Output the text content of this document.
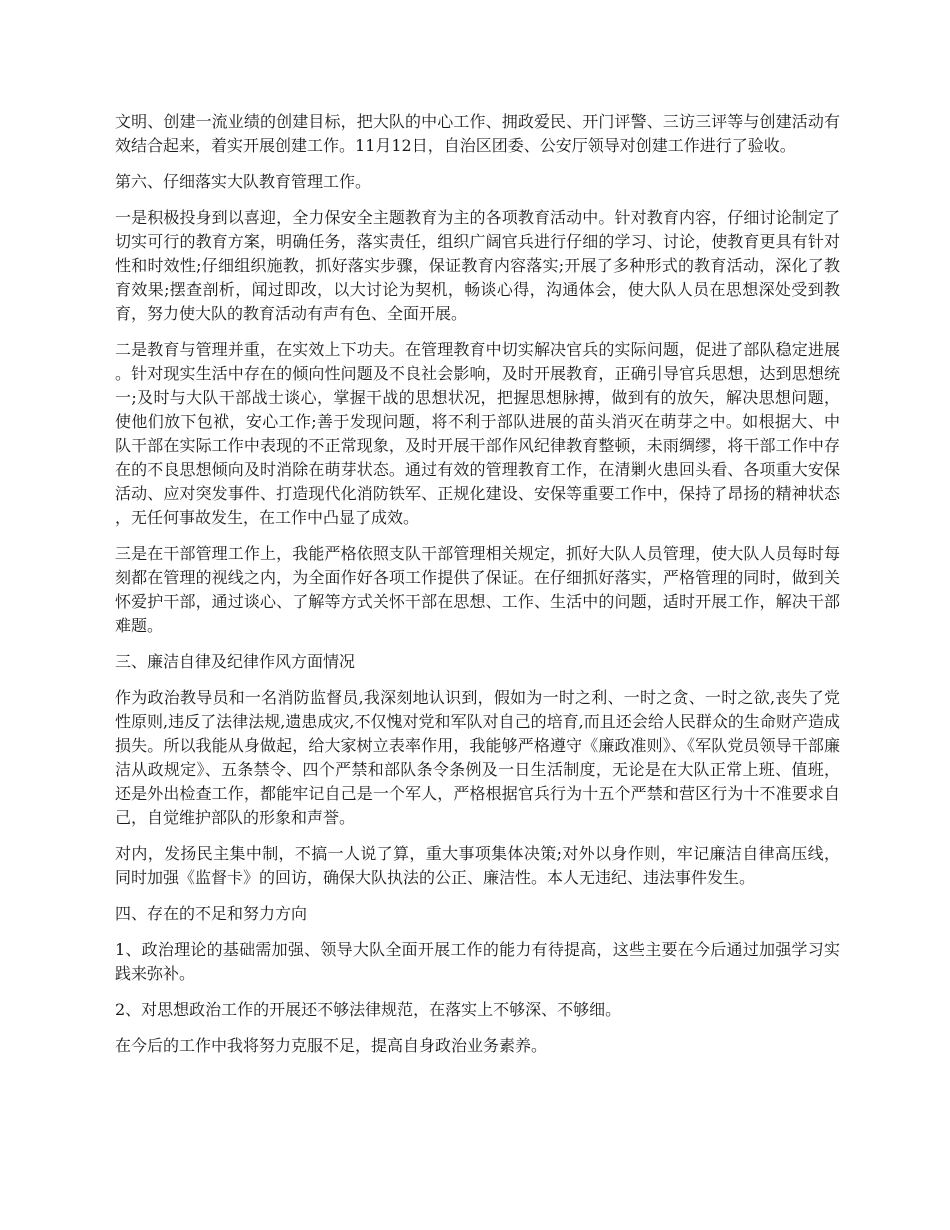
文明、创建一流业绩的创建目标，把大队的中心工作、拥政爱民、开门评警、三访三评等与创建活动有效结合起来，着实开展创建工作。11月12日，自治区团委、公安厅领导对创建工作进行了验收。

第六、仔细落实大队教育管理工作。

一是积极投身到以喜迎，全力保安全主题教育为主的各项教育活动中。针对教育内容，仔细讨论制定了切实可行的教育方案，明确任务，落实责任，组织广阔官兵进行仔细的学习、讨论，使教育更具有针对性和时效性;仔细组织施教，抓好落实步骤，保证教育内容落实;开展了多种形式的教育活动，深化了教育效果;摆查剖析，闻过即改，以大讨论为契机，畅谈心得，沟通体会，使大队人员在思想深处受到教育，努力使大队的教育活动有声有色、全面开展。

二是教育与管理并重，在实效上下功夫。在管理教育中切实解决官兵的实际问题，促进了部队稳定进展。针对现实生活中存在的倾向性问题及不良社会影响，及时开展教育，正确引导官兵思想，达到思想统一;及时与大队干部战士谈心，掌握干战的思想状况，把握思想脉搏，做到有的放矢，解决思想问题，使他们放下包袱，安心工作;善于发现问题，将不利于部队进展的苗头消灭在萌芽之中。如根据大、中队干部在实际工作中表现的不正常现象，及时开展干部作风纪律教育整顿，未雨绸缪，将干部工作中存在的不良思想倾向及时消除在萌芽状态。通过有效的管理教育工作，在清剿火患回头看、各项重大安保活动、应对突发事件、打造现代化消防铁军、正规化建设、安保等重要工作中，保持了昂扬的精神状态，无任何事故发生，在工作中凸显了成效。

三是在干部管理工作上，我能严格依照支队干部管理相关规定，抓好大队人员管理，使大队人员每时每刻都在管理的视线之内，为全面作好各项工作提供了保证。在仔细抓好落实，严格管理的同时，做到关怀爱护干部，通过谈心、了解等方式关怀干部在思想、工作、生活中的问题，适时开展工作，解决干部难题。

三、廉洁自律及纪律作风方面情况

作为政治教导员和一名消防监督员,我深刻地认识到，假如为一时之利、一时之贪、一时之欲,丧失了党性原则,违反了法律法规,遗患成灾,不仅愧对党和军队对自己的培育,而且还会给人民群众的生命财产造成损失。所以我能从身做起，给大家树立表率作用，我能够严格遵守《廉政准则》、《军队党员领导干部廉洁从政规定》、五条禁令、四个严禁和部队条令条例及一日生活制度，无论是在大队正常上班、值班，还是外出检查工作，都能牢记自己是一个军人，严格根据官兵行为十五个严禁和营区行为十不准要求自己，自觉维护部队的形象和声誉。

对内，发扬民主集中制，不搞一人说了算，重大事项集体决策;对外以身作则，牢记廉洁自律高压线，同时加强《监督卡》的回访，确保大队执法的公正、廉洁性。本人无违纪、违法事件发生。

四、存在的不足和努力方向

1、政治理论的基础需加强、领导大队全面开展工作的能力有待提高，这些主要在今后通过加强学习实践来弥补。

2、对思想政治工作的开展还不够法律规范，在落实上不够深、不够细。

在今后的工作中我将努力克服不足，提高自身政治业务素养。
